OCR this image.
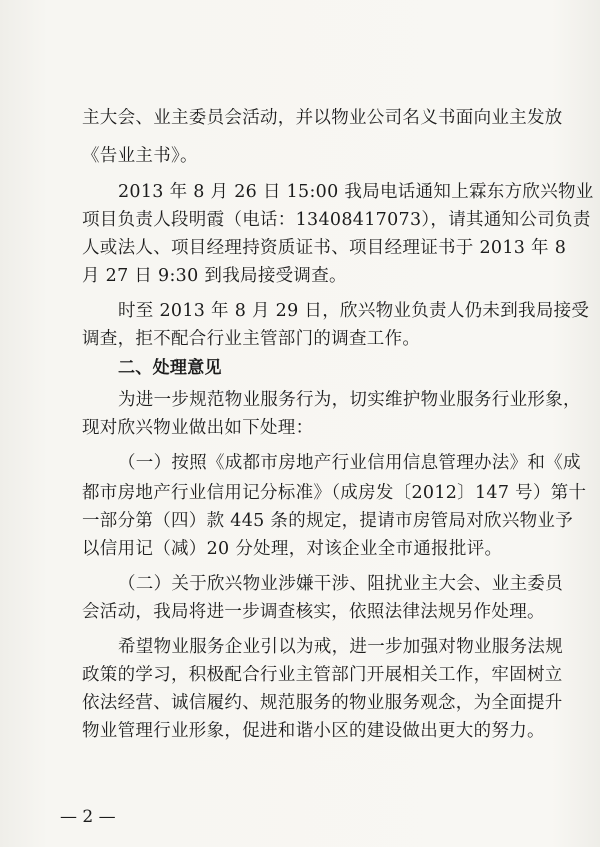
主大会、业主委员会活动，并以物业公司名义书面向业主发放
《告业主书》。
2013 年 8 月 26 日 15:00 我局电话通知上霖东方欣兴物业
项目负责人段明霞（电话：13408417073），请其通知公司负责
人或法人、项目经理持资质证书、项目经理证书于 2013 年 8
月 27 日 9:30 到我局接受调查。
时至 2013 年 8 月 29 日，欣兴物业负责人仍未到我局接受
调查，拒不配合行业主管部门的调查工作。
二、处理意见
为进一步规范物业服务行为，切实维护物业服务行业形象，
现对欣兴物业做出如下处理：
（一）按照《成都市房地产行业信用信息管理办法》和《成
都市房地产行业信用记分标准》（成房发〔2012〕147 号）第十
一部分第（四）款 445 条的规定，提请市房管局对欣兴物业予
以信用记（减）20 分处理，对该企业全市通报批评。
（二）关于欣兴物业涉嫌干涉、阻扰业主大会、业主委员
会活动，我局将进一步调查核实，依照法律法规另作处理。
希望物业服务企业引以为戒，进一步加强对物业服务法规
政策的学习，积极配合行业主管部门开展相关工作，牢固树立
依法经营、诚信履约、规范服务的物业服务观念，为全面提升
物业管理行业形象，促进和谐小区的建设做出更大的努力。
— 2 —
